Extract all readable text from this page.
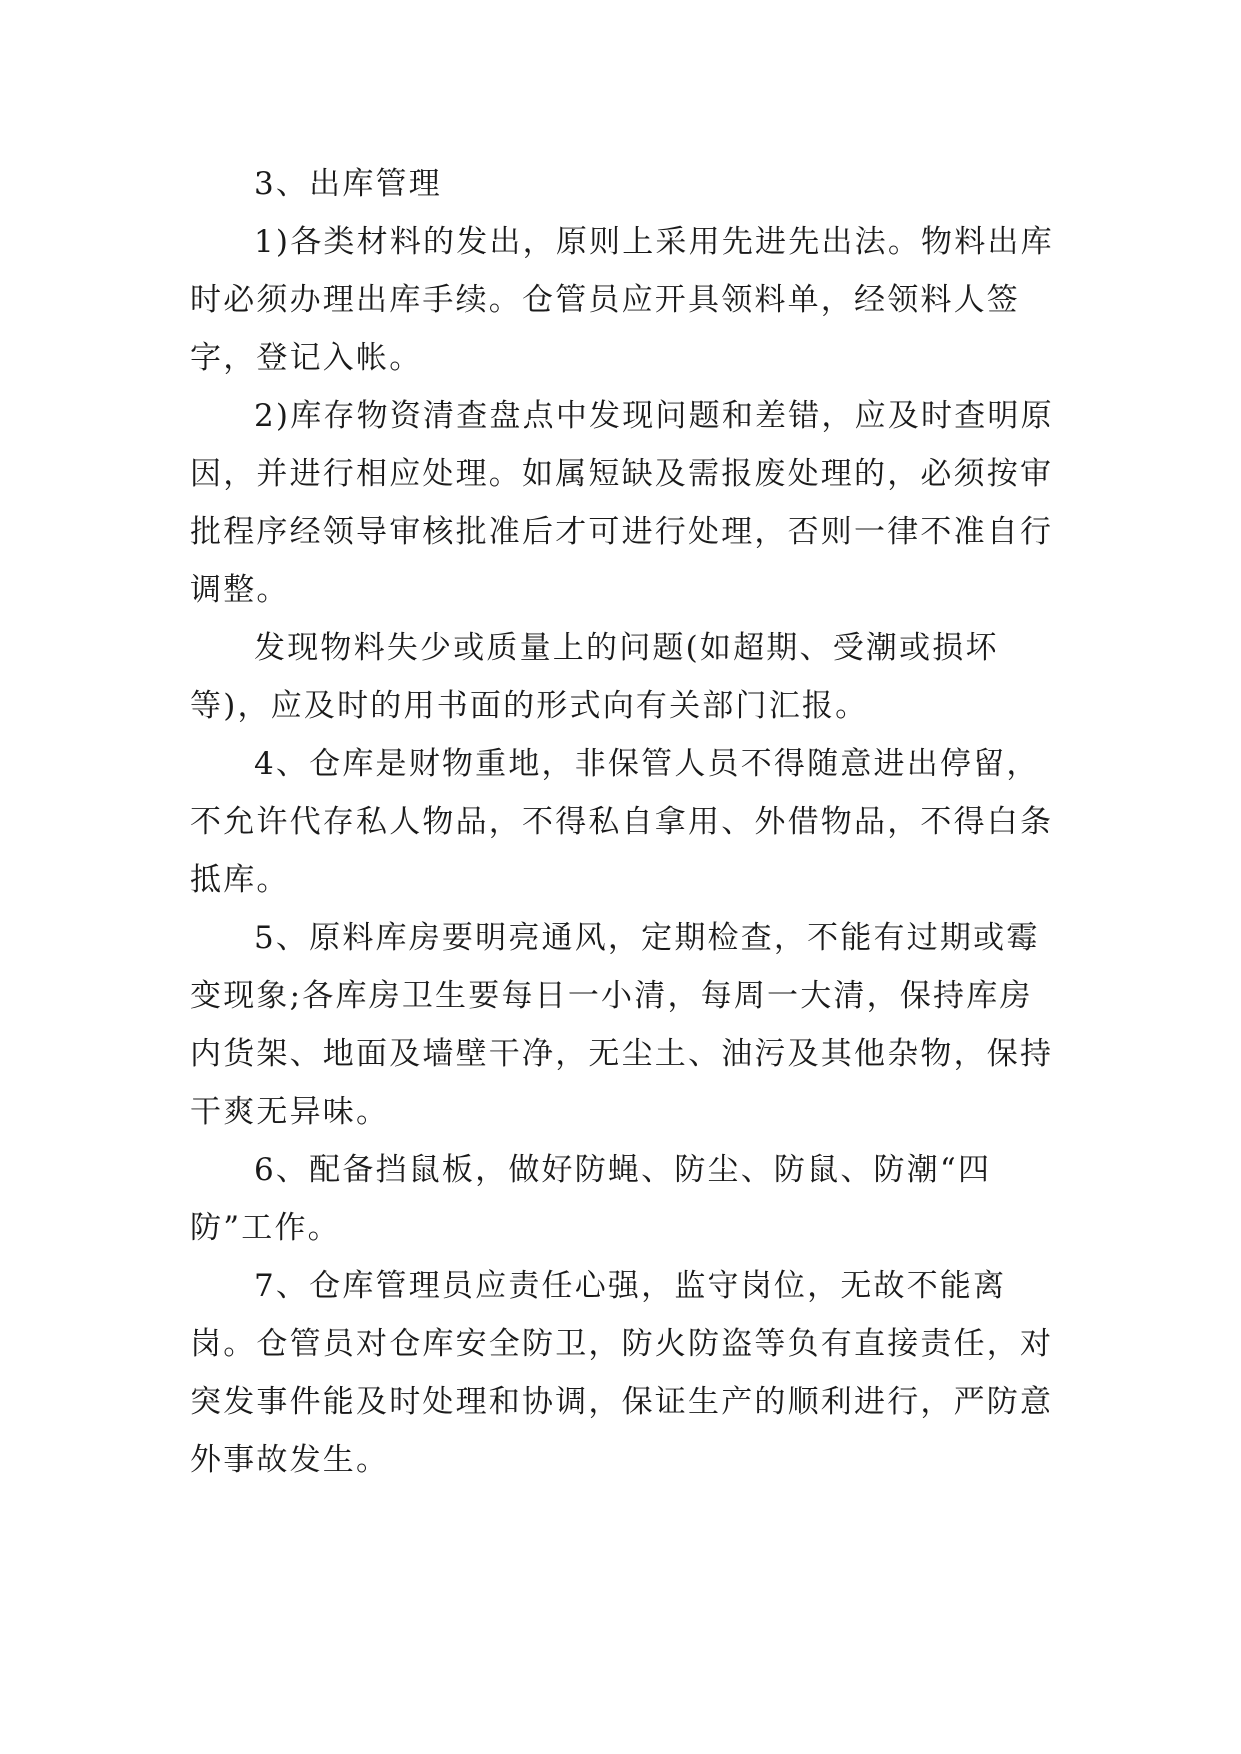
3、出库管理

1)各类材料的发出，原则上采用先进先出法。物料出库时必须办理出库手续。仓管员应开具领料单，经领料人签字，登记入帐。

2)库存物资清查盘点中发现问题和差错，应及时查明原因，并进行相应处理。如属短缺及需报废处理的，必须按审批程序经领导审核批准后才可进行处理，否则一律不准自行调整。

发现物料失少或质量上的问题(如超期、受潮或损坏等)，应及时的用书面的形式向有关部门汇报。

4、仓库是财物重地，非保管人员不得随意进出停留，不允许代存私人物品，不得私自拿用、外借物品，不得白条抵库。

5、原料库房要明亮通风，定期检查，不能有过期或霉变现象;各库房卫生要每日一小清，每周一大清，保持库房内货架、地面及墙壁干净，无尘土、油污及其他杂物，保持干爽无异味。

6、配备挡鼠板，做好防蝇、防尘、防鼠、防潮“四防”工作。

7、仓库管理员应责任心强，监守岗位，无故不能离岗。仓管员对仓库安全防卫，防火防盗等负有直接责任，对突发事件能及时处理和协调，保证生产的顺利进行，严防意外事故发生。
